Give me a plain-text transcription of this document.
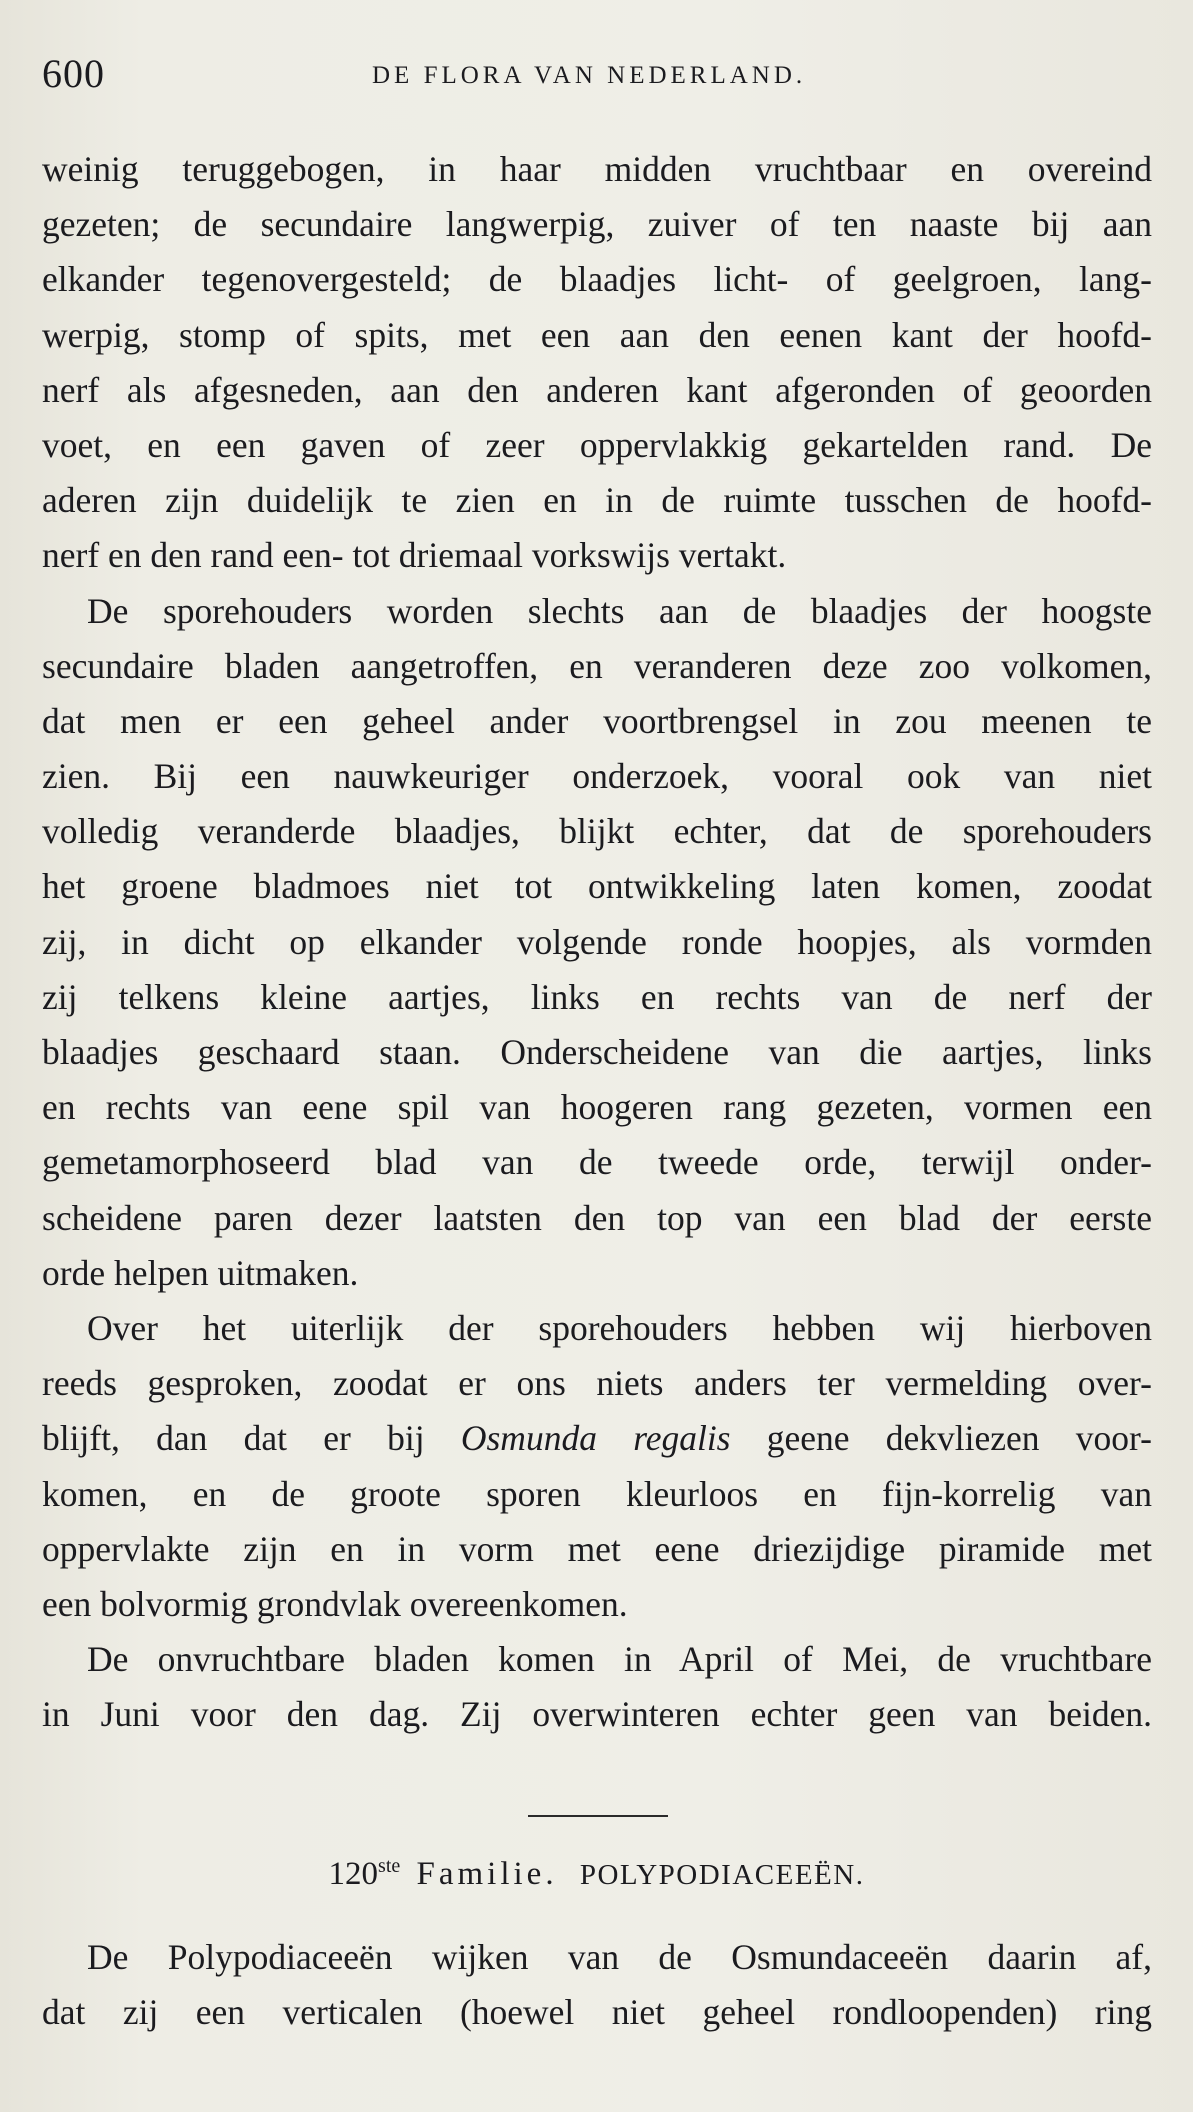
600	DE FLORA VAN NEDERLAND.
weinig teruggebogen, in haar midden vruchtbaar en overeind
gezeten; de secundaire langwerpig, zuiver of ten naaste bij aan
elkander tegenovergesteld; de blaadjes licht- of geelgroen, lang-
werpig, stomp of spits, met een aan den eenen kant der hoofd-
nerf als afgesneden, aan den anderen kant afgeronden of geoorden
voet, en een gaven of zeer oppervlakkig gekartelden rand. De
aderen zijn duidelijk te zien en in de ruimte tusschen de hoofd-
nerf en den rand een- tot driemaal vorkswijs vertakt.
De sporehouders worden slechts aan de blaadjes der hoogste
secundaire bladen aangetroffen, en veranderen deze zoo volkomen,
dat men er een geheel ander voortbrengsel in zou meenen te
zien. Bij een nauwkeuriger onderzoek, vooral ook van niet
volledig veranderde blaadjes, blijkt echter, dat de sporehouders
het groene bladmoes niet tot ontwikkeling laten komen, zoodat
zij, in dicht op elkander volgende ronde hoopjes, als vormden
zij telkens kleine aartjes, links en rechts van de nerf der
blaadjes geschaard staan. Onderscheidene van die aartjes, links
en rechts van eene spil van hoogeren rang gezeten, vormen een
gemetamorphoseerd blad van de tweede orde, terwijl onder-
scheidene paren dezer laatsten den top van een blad der eerste
orde helpen uitmaken.
Over het uiterlijk der sporehouders hebben wij hierboven
reeds gesproken, zoodat er ons niets anders ter vermelding over-
blijft, dan dat er bij Osmunda regalis geene dekvliezen voor-
komen, en de groote sporen kleurloos en fijn-korrelig van
oppervlakte zijn en in vorm met eene driezijdige piramide met
een bolvormig grondvlak overeenkomen.
De onvruchtbare bladen komen in April of Mei, de vruchtbare
in Juni voor den dag. Zij overwinteren echter geen van beiden.
120ste Familie. POLYPODIACEEËN.
De Polypodiaceeën wijken van de Osmundaceeën daarin af,
dat zij een verticalen (hoewel niet geheel rondloopenden) ring
